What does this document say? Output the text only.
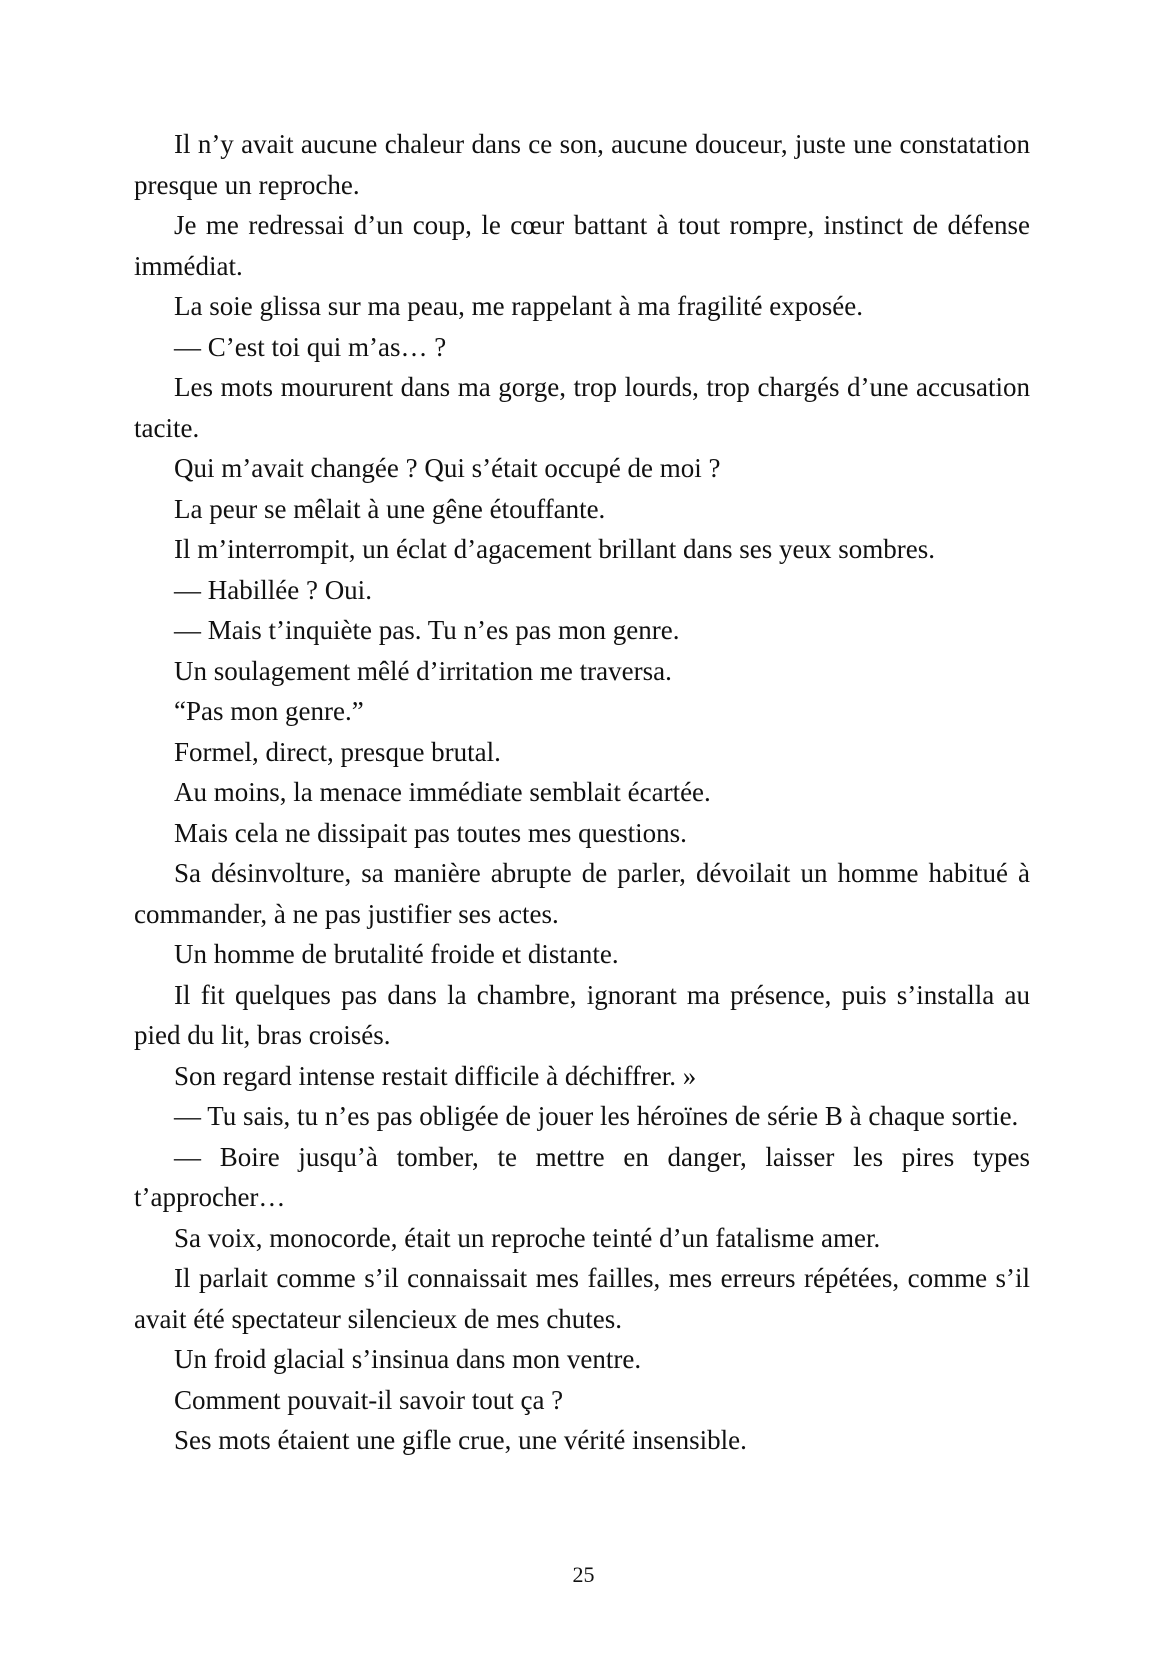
Il n’y avait aucune chaleur dans ce son, aucune douceur, juste une constatation presque un reproche.

Je me redressai d’un coup, le cœur battant à tout rompre, instinct de défense immédiat.

La soie glissa sur ma peau, me rappelant à ma fragilité exposée.

— C’est toi qui m’as… ?

Les mots moururent dans ma gorge, trop lourds, trop chargés d’une accusation tacite.

Qui m’avait changée ? Qui s’était occupé de moi ?

La peur se mêlait à une gêne étouffante.

Il m’interrompit, un éclat d’agacement brillant dans ses yeux sombres.

— Habillée ? Oui.

— Mais t’inquiète pas. Tu n’es pas mon genre.

Un soulagement mêlé d’irritation me traversa.

“Pas mon genre.”

Formel, direct, presque brutal.

Au moins, la menace immédiate semblait écartée.

Mais cela ne dissipait pas toutes mes questions.

Sa désinvolture, sa manière abrupte de parler, dévoilait un homme habitué à commander, à ne pas justifier ses actes.

Un homme de brutalité froide et distante.

Il fit quelques pas dans la chambre, ignorant ma présence, puis s’installa au pied du lit, bras croisés.

Son regard intense restait difficile à déchiffrer. »

— Tu sais, tu n’es pas obligée de jouer les héroïnes de série B à chaque sortie.

— Boire jusqu’à tomber, te mettre en danger, laisser les pires types t’approcher…

Sa voix, monocorde, était un reproche teinté d’un fatalisme amer.

Il parlait comme s’il connaissait mes failles, mes erreurs répétées, comme s’il avait été spectateur silencieux de mes chutes.

Un froid glacial s’insinua dans mon ventre.

Comment pouvait-il savoir tout ça ?

Ses mots étaient une gifle crue, une vérité insensible.

25
